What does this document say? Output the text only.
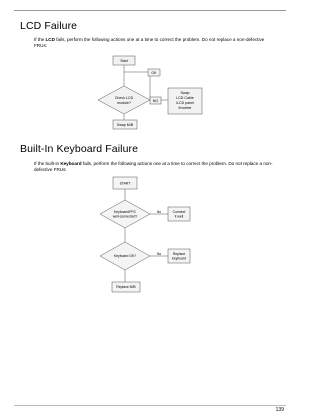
LCD Failure

If the LCD fails, perform the following actions one at a time to correct the problem. Do not replace a non-defective FRUs:

Start
Check LCD
module?
OK
NG
Swap
LCD Cable
/LCD panel
/Inverter
Swap M/B
Built-In Keyboard Failure

If the built-in Keyboard fails, perform the following actions one at a time to correct the problem. Do not replace a non-defective FRUs:

START
Keyboard/FPC
well-connected?
No	Connect
it well
Keyboard OK?	No	Replace
keyboard
Replace M/B
139
